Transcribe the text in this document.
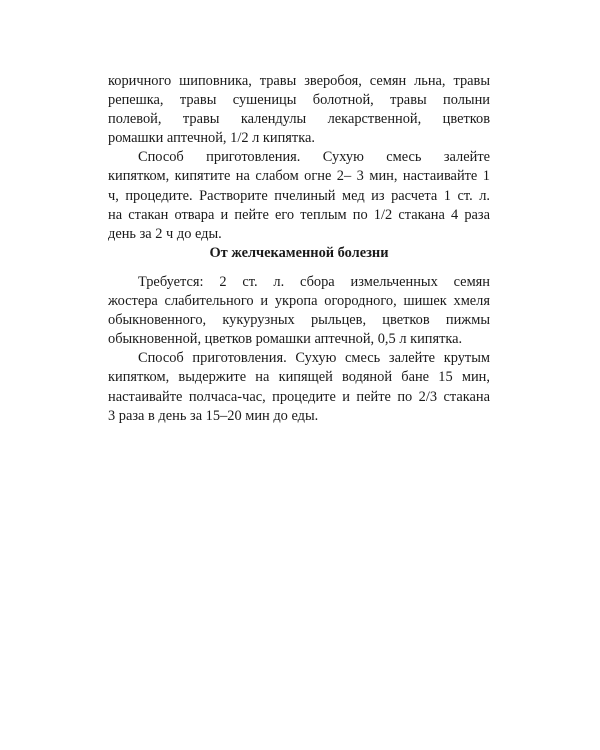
коричного шиповника, травы зверобоя, семян льна, травы
репешка, травы сушеницы болотной, травы полыни
полевой, травы календулы лекарственной, цветков
ромашки аптечной, 1/2 л кипятка.
Способ приготовления. Сухую смесь залейте
кипятком, кипятите на слабом огне 2– 3 мин, настаивайте 1
ч, процедите. Растворите пчелиный мед из расчета 1 ст. л.
на стакан отвара и пейте его теплым по 1/2 стакана 4 раза
день за 2 ч до еды.
От желчекаменной болезни
Требуется: 2 ст. л. сбора измельченных семян
жостера слабительного и укропа огородного, шишек хмеля
обыкновенного, кукурузных рыльцев, цветков пижмы
обыкновенной, цветков ромашки аптечной, 0,5 л кипятка.
Способ приготовления. Сухую смесь залейте крутым
кипятком, выдержите на кипящей водяной бане 15 мин,
настаивайте полчаса-час, процедите и пейте по 2/3 стакана
3 раза в день за 15–20 мин до еды.
